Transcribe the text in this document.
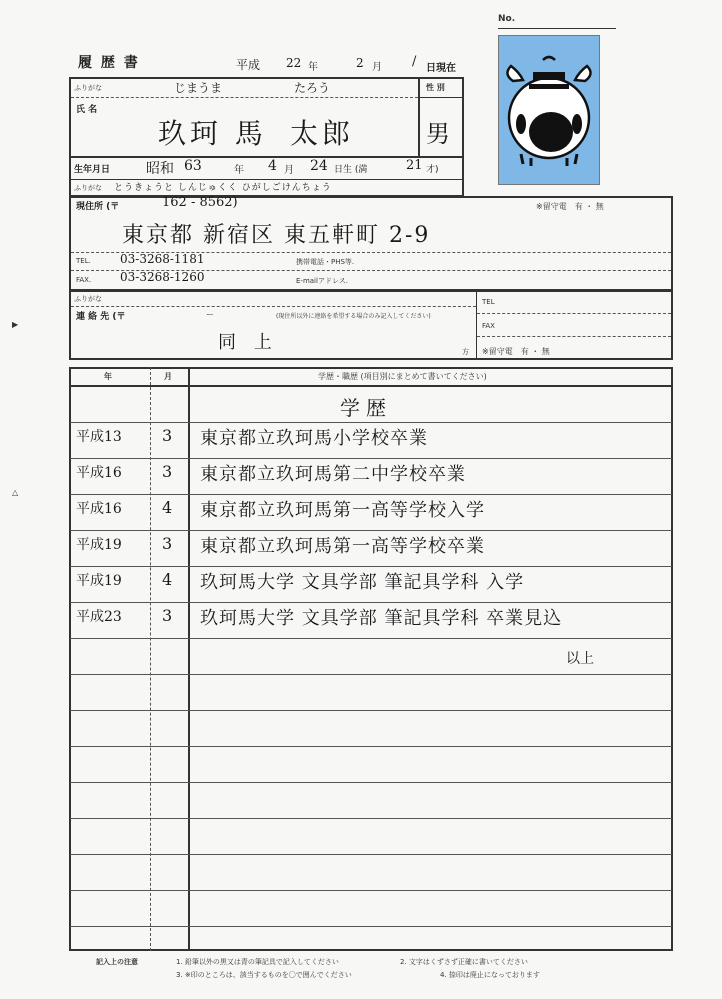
No.
履 歴 書	平成 22 年	2 月 / 日現在
ふりがな	じまうま	たろう	性 別
氏 名
玖珂 馬 太郎	男
生年月日	昭和 63	年 4 月 24 日生 (満	21 才)
ふりがな とうきょうと しんじゅくく ひがしごけんちょう
現住所 (〒	162 - 8562)	※留守電　有 ・ 無
東京都 新宿区 東五軒町 2-9
TEL. 03-3268-1181	携帯電話・PHS等.
FAX. 03-3268-1260	E-mailアドレス.
ふりがな
連 絡 先 (〒	ー	(現住所以外に連絡を希望する場合のみ記入してください)
同 上	方
TEL
FAX
※留守電　有 ・ 無
▶
△
年	月	学歴・職歴 (項目別にまとめて書いてください)
学歴
平成13	3 東京都立玖珂馬小学校卒業
平成16	3 東京都立玖珂馬第二中学校卒業
平成16	4 東京都立玖珂馬第一高等学校入学
平成19	3 東京都立玖珂馬第一高等学校卒業
平成19	4 玖珂馬大学 文具学部 筆記具学科 入学
平成23	3 玖珂馬大学 文具学部 筆記具学科 卒業見込
以上
記入上の注意	1. 鉛筆以外の黒又は青の筆記具で記入してください	2. 文字はくずさず正確に書いてください
3. ※印のところは、該当するものを〇で囲んでください	4. 捺印は廃止になっております
